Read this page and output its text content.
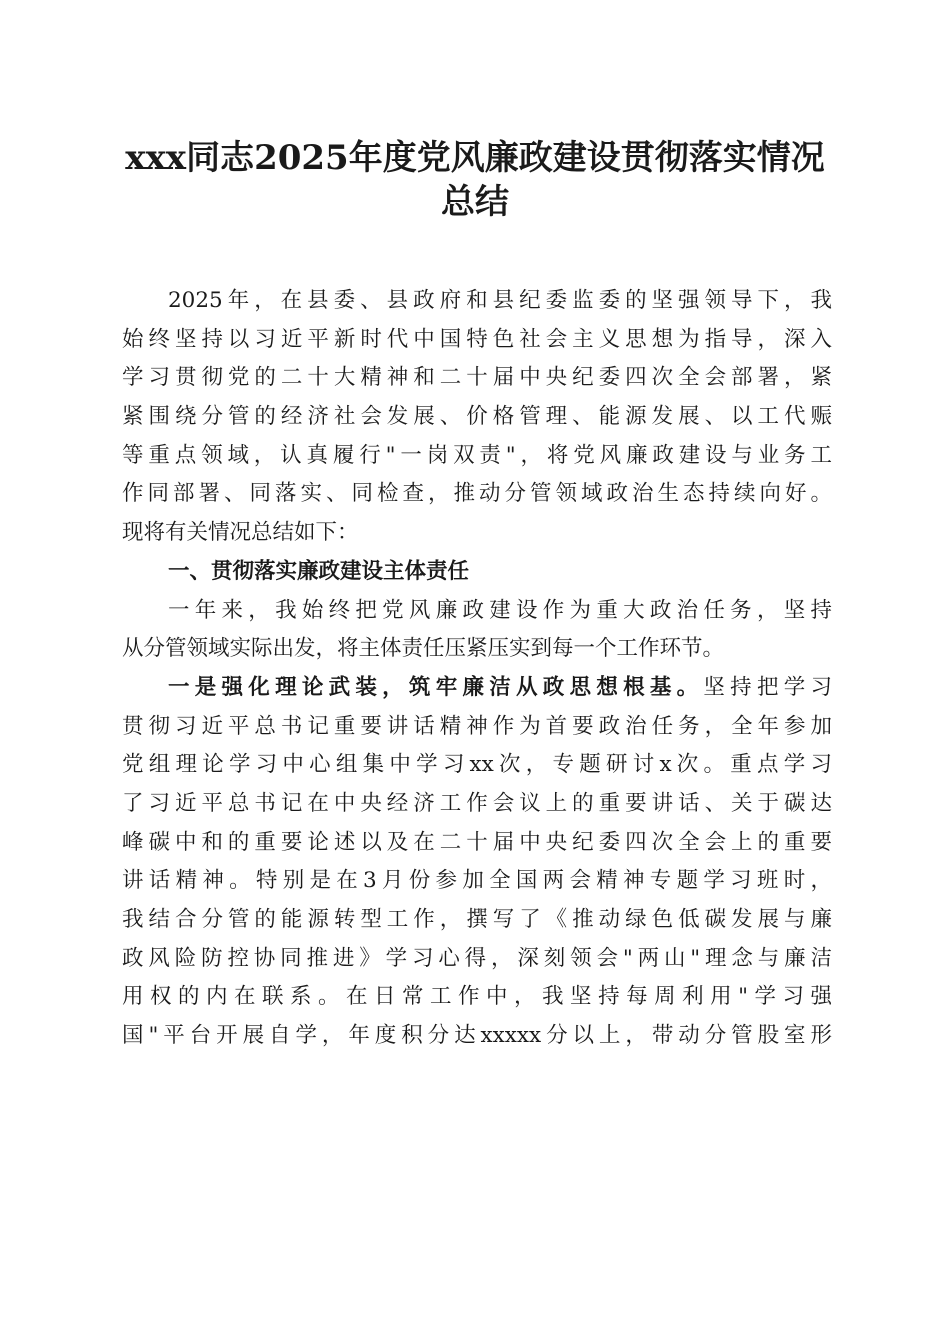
xxx同志2025年度党风廉政建设贯彻落实情况
总结
2025年，在县委、县政府和县纪委监委的坚强领导下，我
始终坚持以习近平新时代中国特色社会主义思想为指导，深入
学习贯彻党的二十大精神和二十届中央纪委四次全会部署，紧
紧围绕分管的经济社会发展、价格管理、能源发展、以工代赈
等重点领域，认真履行"一岗双责"，将党风廉政建设与业务工
作同部署、同落实、同检查，推动分管领域政治生态持续向好。
现将有关情况总结如下：
一、贯彻落实廉政建设主体责任
一年来，我始终把党风廉政建设作为重大政治任务，坚持
从分管领域实际出发，将主体责任压紧压实到每一个工作环节。
一是强化理论武装，筑牢廉洁从政思想根基。坚持把学习
贯彻习近平总书记重要讲话精神作为首要政治任务，全年参加
党组理论学习中心组集中学习xx次，专题研讨x次。重点学习
了习近平总书记在中央经济工作会议上的重要讲话、关于碳达
峰碳中和的重要论述以及在二十届中央纪委四次全会上的重要
讲话精神。特别是在3月份参加全国两会精神专题学习班时，
我结合分管的能源转型工作，撰写了《推动绿色低碳发展与廉
政风险防控协同推进》学习心得，深刻领会"两山"理念与廉洁
用权的内在联系。在日常工作中，我坚持每周利用"学习强
国"平台开展自学，年度积分达xxxxx分以上，带动分管股室形
